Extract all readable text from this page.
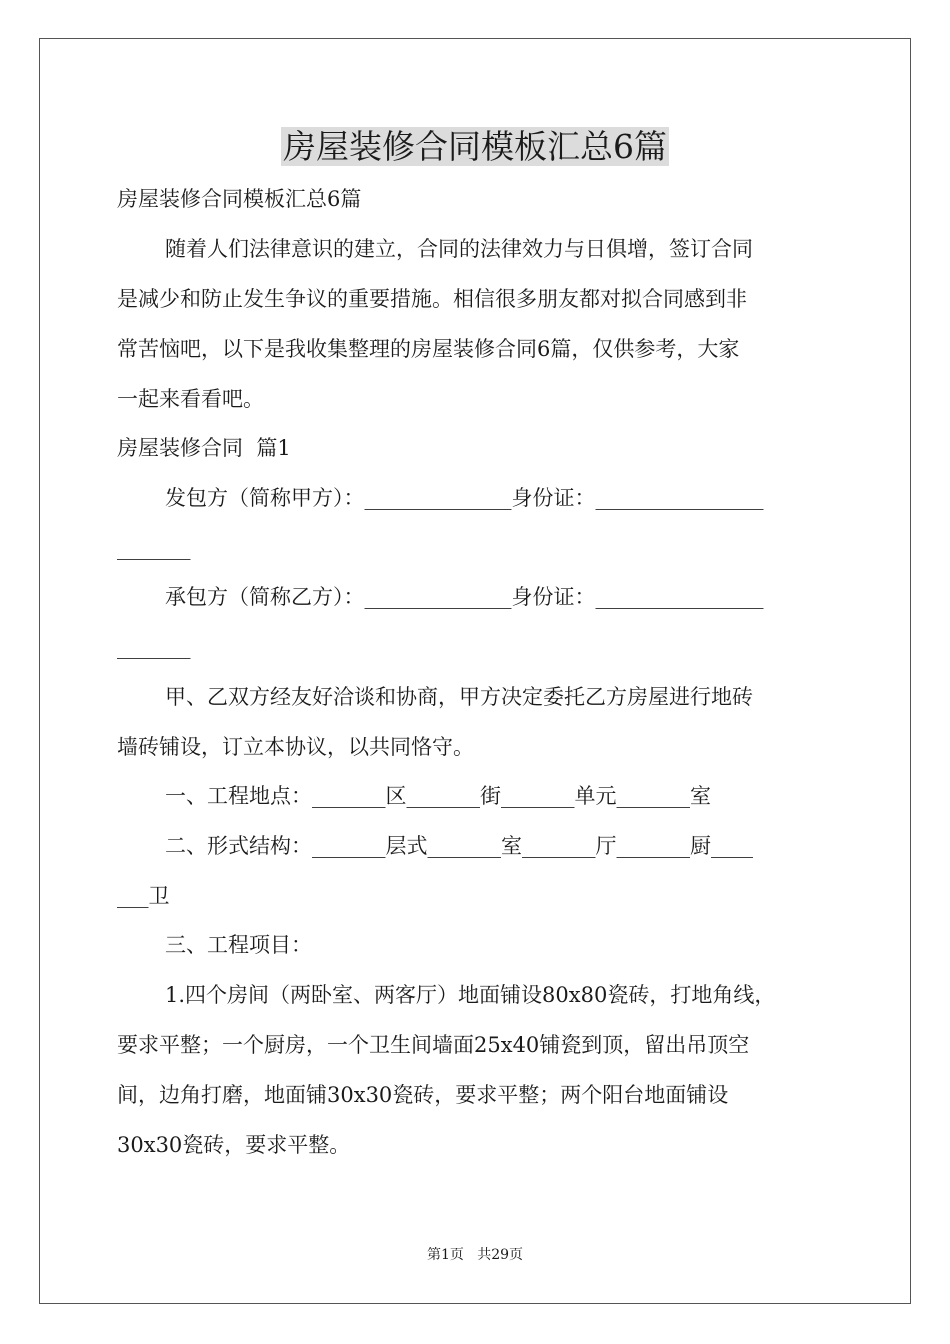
房屋装修合同模板汇总6篇
房屋装修合同模板汇总6篇
随着人们法律意识的建立，合同的法律效力与日俱增，签订合同
是减少和防止发生争议的重要措施。相信很多朋友都对拟合同感到非
常苦恼吧，以下是我收集整理的房屋装修合同6篇，仅供参考，大家
一起来看看吧。
房屋装修合同  篇1
发包方（简称甲方）：______________身份证：________________
_______
承包方（简称乙方）：______________身份证：________________
_______
甲、乙双方经友好洽谈和协商，甲方决定委托乙方房屋进行地砖
墙砖铺设，订立本协议，以共同恪守。
一、工程地点：_______区_______街_______单元_______室
二、形式结构：_______层式_______室_______厅_______厨____
___卫
三、工程项目：
1.四个房间（两卧室、两客厅）地面铺设80x80瓷砖，打地角线，
要求平整；一个厨房，一个卫生间墙面25x40铺瓷到顶，留出吊顶空
间，边角打磨，地面铺30x30瓷砖，要求平整；两个阳台地面铺设
30x30瓷砖，要求平整。
第1页   共29页
